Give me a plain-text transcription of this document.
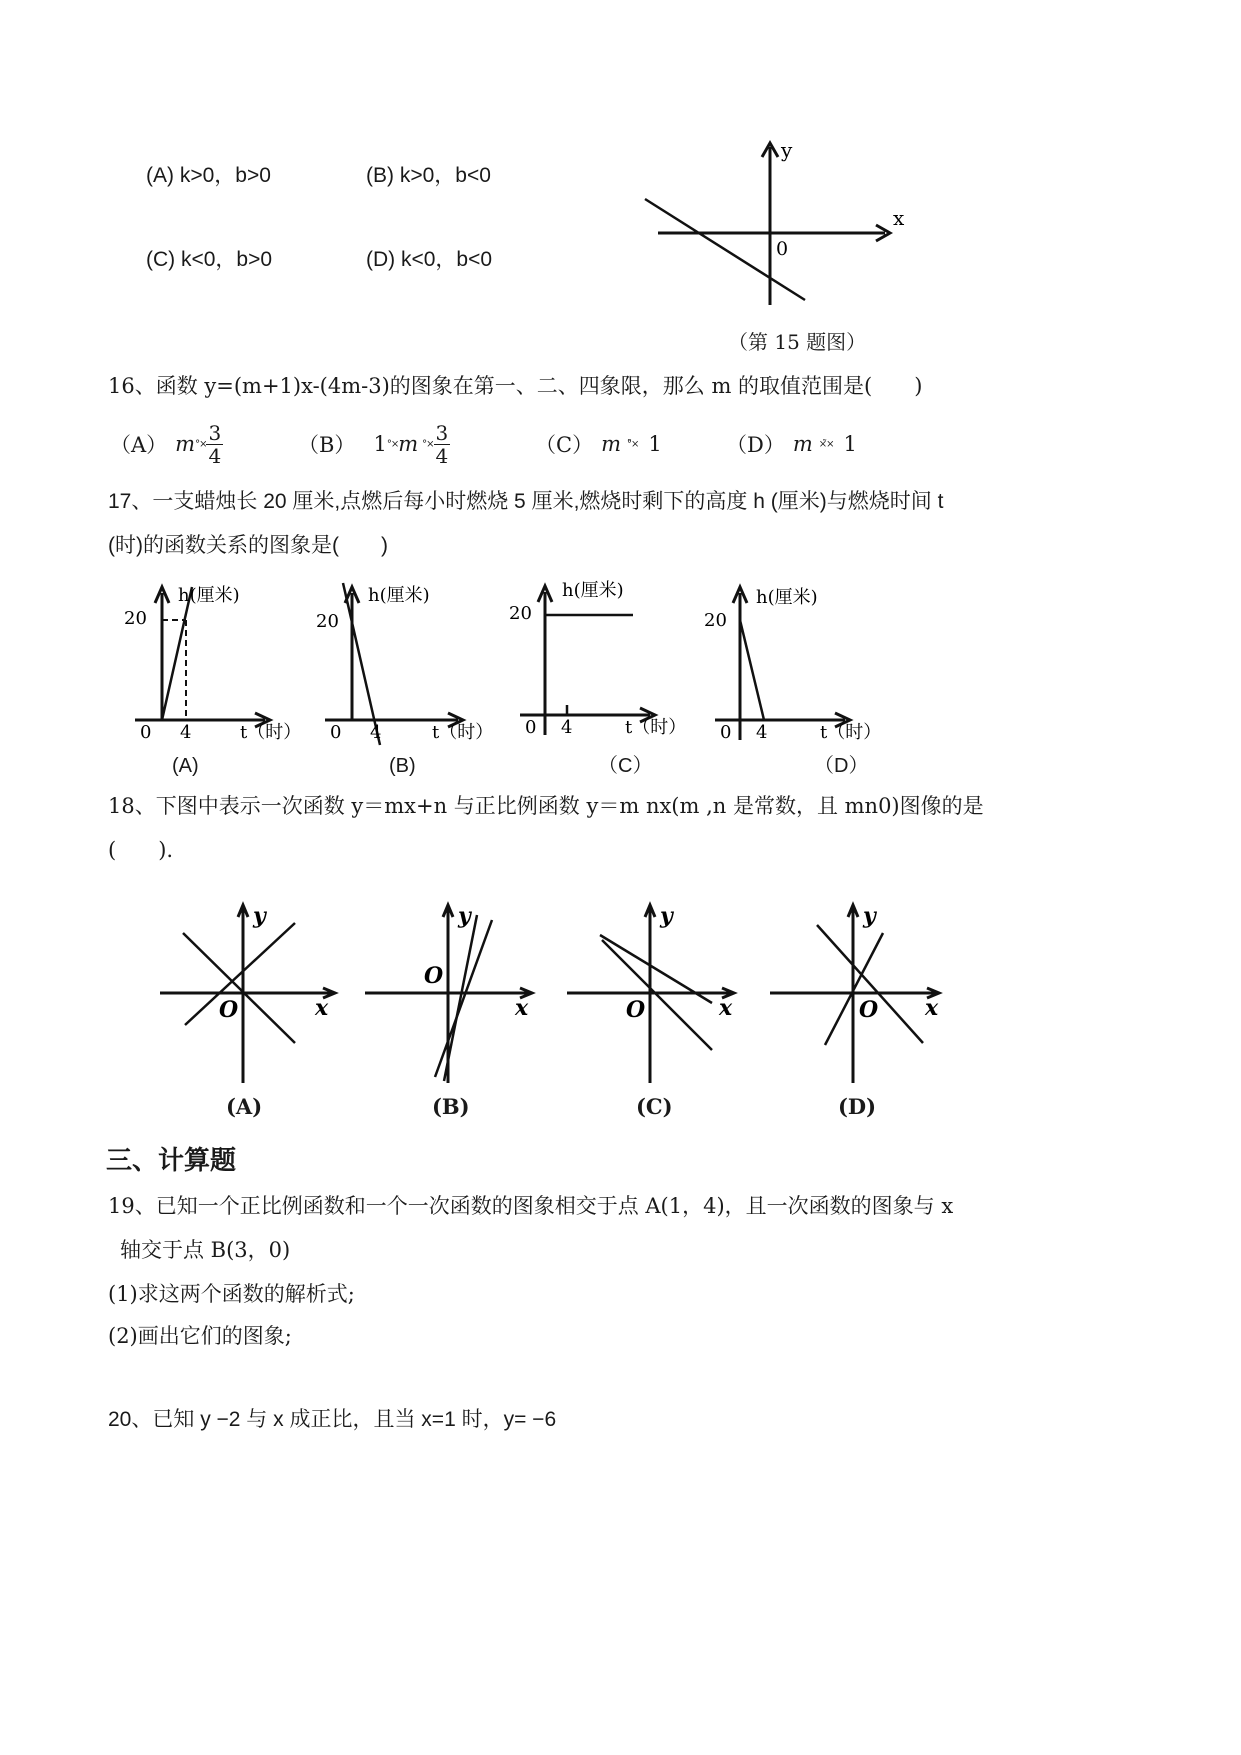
(A) k>0，b>0	(B) k>0，b<0
(C) k<0，b>0	(D) k<0，b<0
y
x
0
（第 15 题图）
16、函数 y=(m+1)x-(4m-3)的图象在第一、二、四象限，那么 m 的取值范围是(　　)
（A） m °× $\frac{3}{4}$	（B） 1 °× m °× $\frac{3}{4}$	（C） m °̃× 1	（D） m ×̃× 1
17、一支蜡烛长 20 厘米,点燃后每小时燃烧 5 厘米,燃烧时剩下的高度 h (厘米)与燃烧时间 t
(时)的函数关系的图象是(　　)
h(厘米)
20
0 4	t（时）
(A)
h(厘米)
20
0 4	t（时）
(B)
h(厘米)
20
0 4	t（时）
（C）
h(厘米)
20
0 4	t（时）
（D）
18、下图中表示一次函数 y＝mx+n 与正比例函数 y＝m nx(m ,n 是常数，且 mn0)图像的是
(　　).
y
x
O
(A)
y
x
O
(B)
y
x
O
(C)
y
x
O
(D)
三、计算题
19、已知一个正比例函数和一个一次函数的图象相交于点 A(1，4)，且一次函数的图象与 x
轴交于点 B(3，0)
(1)求这两个函数的解析式;
(2)画出它们的图象;
20、已知 y −2 与 x 成正比，且当 x=1 时，y= −6
